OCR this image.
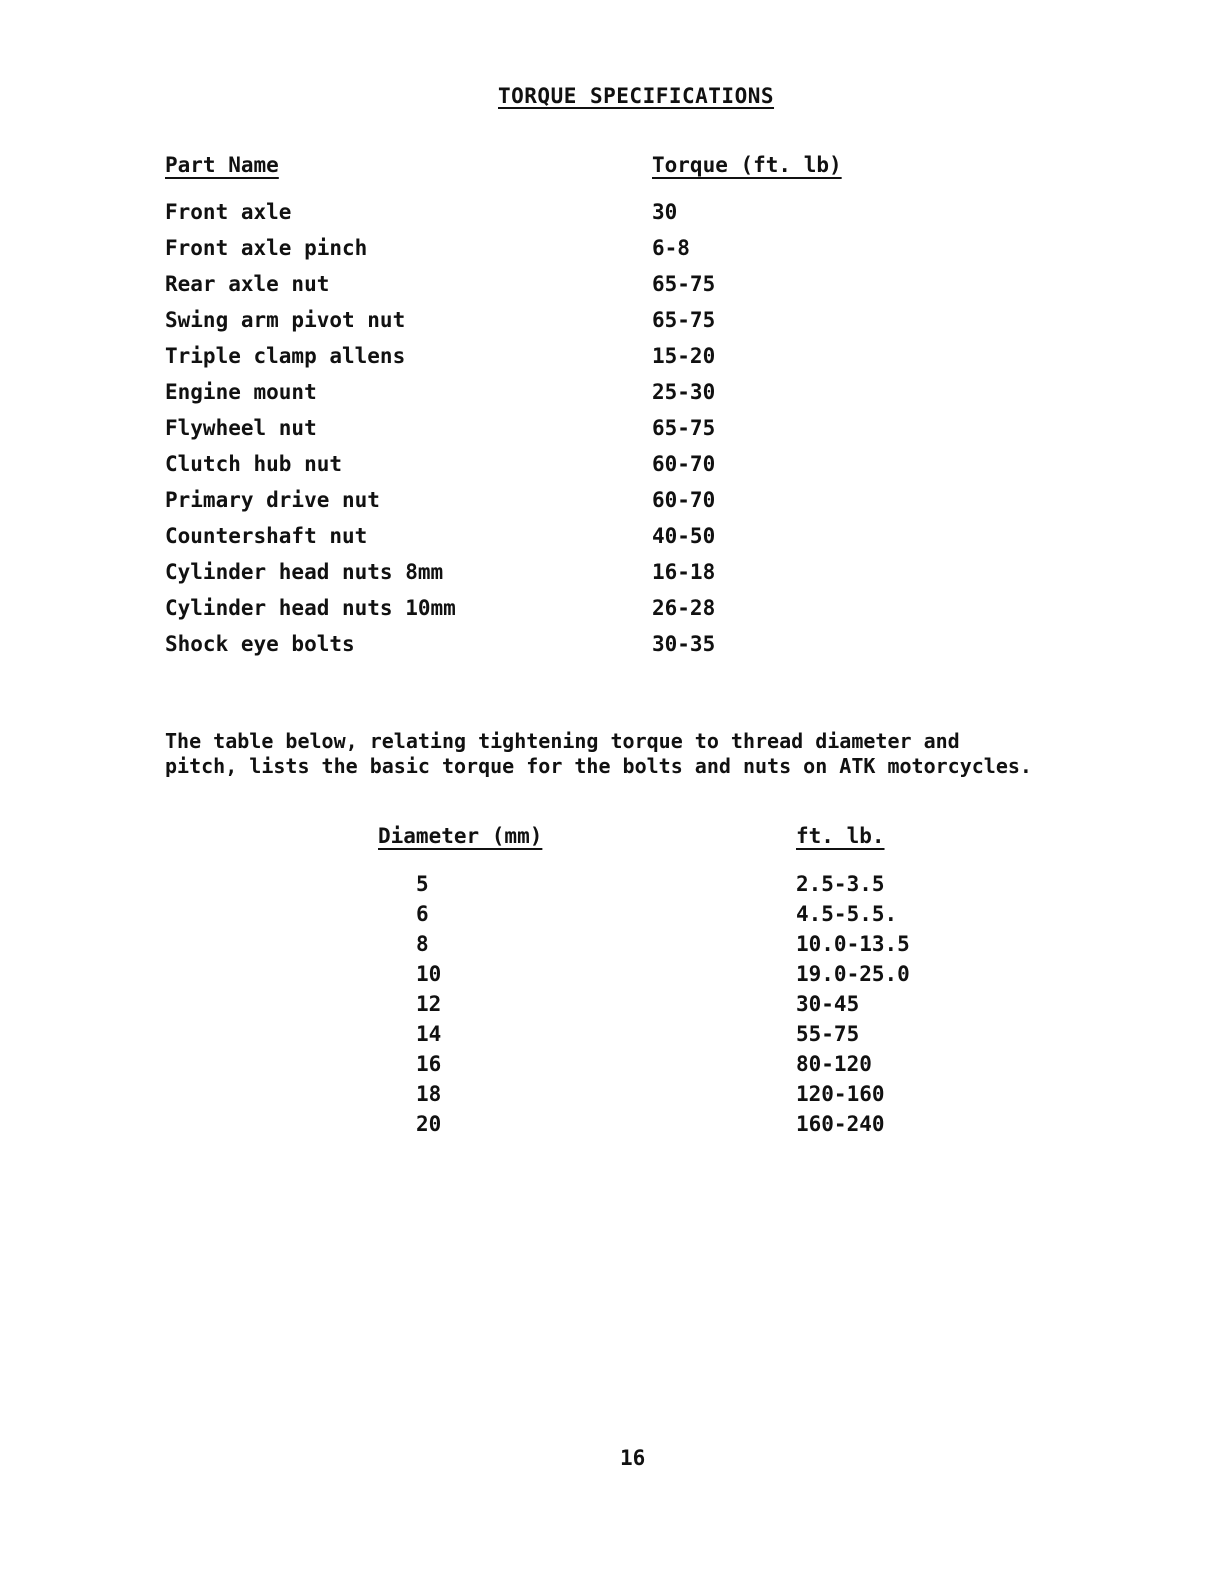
TORQUE SPECIFICATIONS
Part Name	Torque (ft. lb)
Front axle	30
Front axle pinch	6-8
Rear axle nut	65-75
Swing arm pivot nut	65-75
Triple clamp allens	15-20
Engine mount	25-30
Flywheel nut	65-75
Clutch hub nut	60-70
Primary drive nut	60-70
Countershaft nut	40-50
Cylinder head nuts 8mm	16-18
Cylinder head nuts 10mm	26-28
Shock eye bolts	30-35
The table below, relating tightening torque to thread diameter and
pitch, lists the basic torque for the bolts and nuts on ATK motorcycles.
Diameter (mm)	ft. lb.
5	2.5-3.5
6	4.5-5.5.
8	10.0-13.5
10	19.0-25.0
12	30-45
14	55-75
16	80-120
18	120-160
20	160-240
16
